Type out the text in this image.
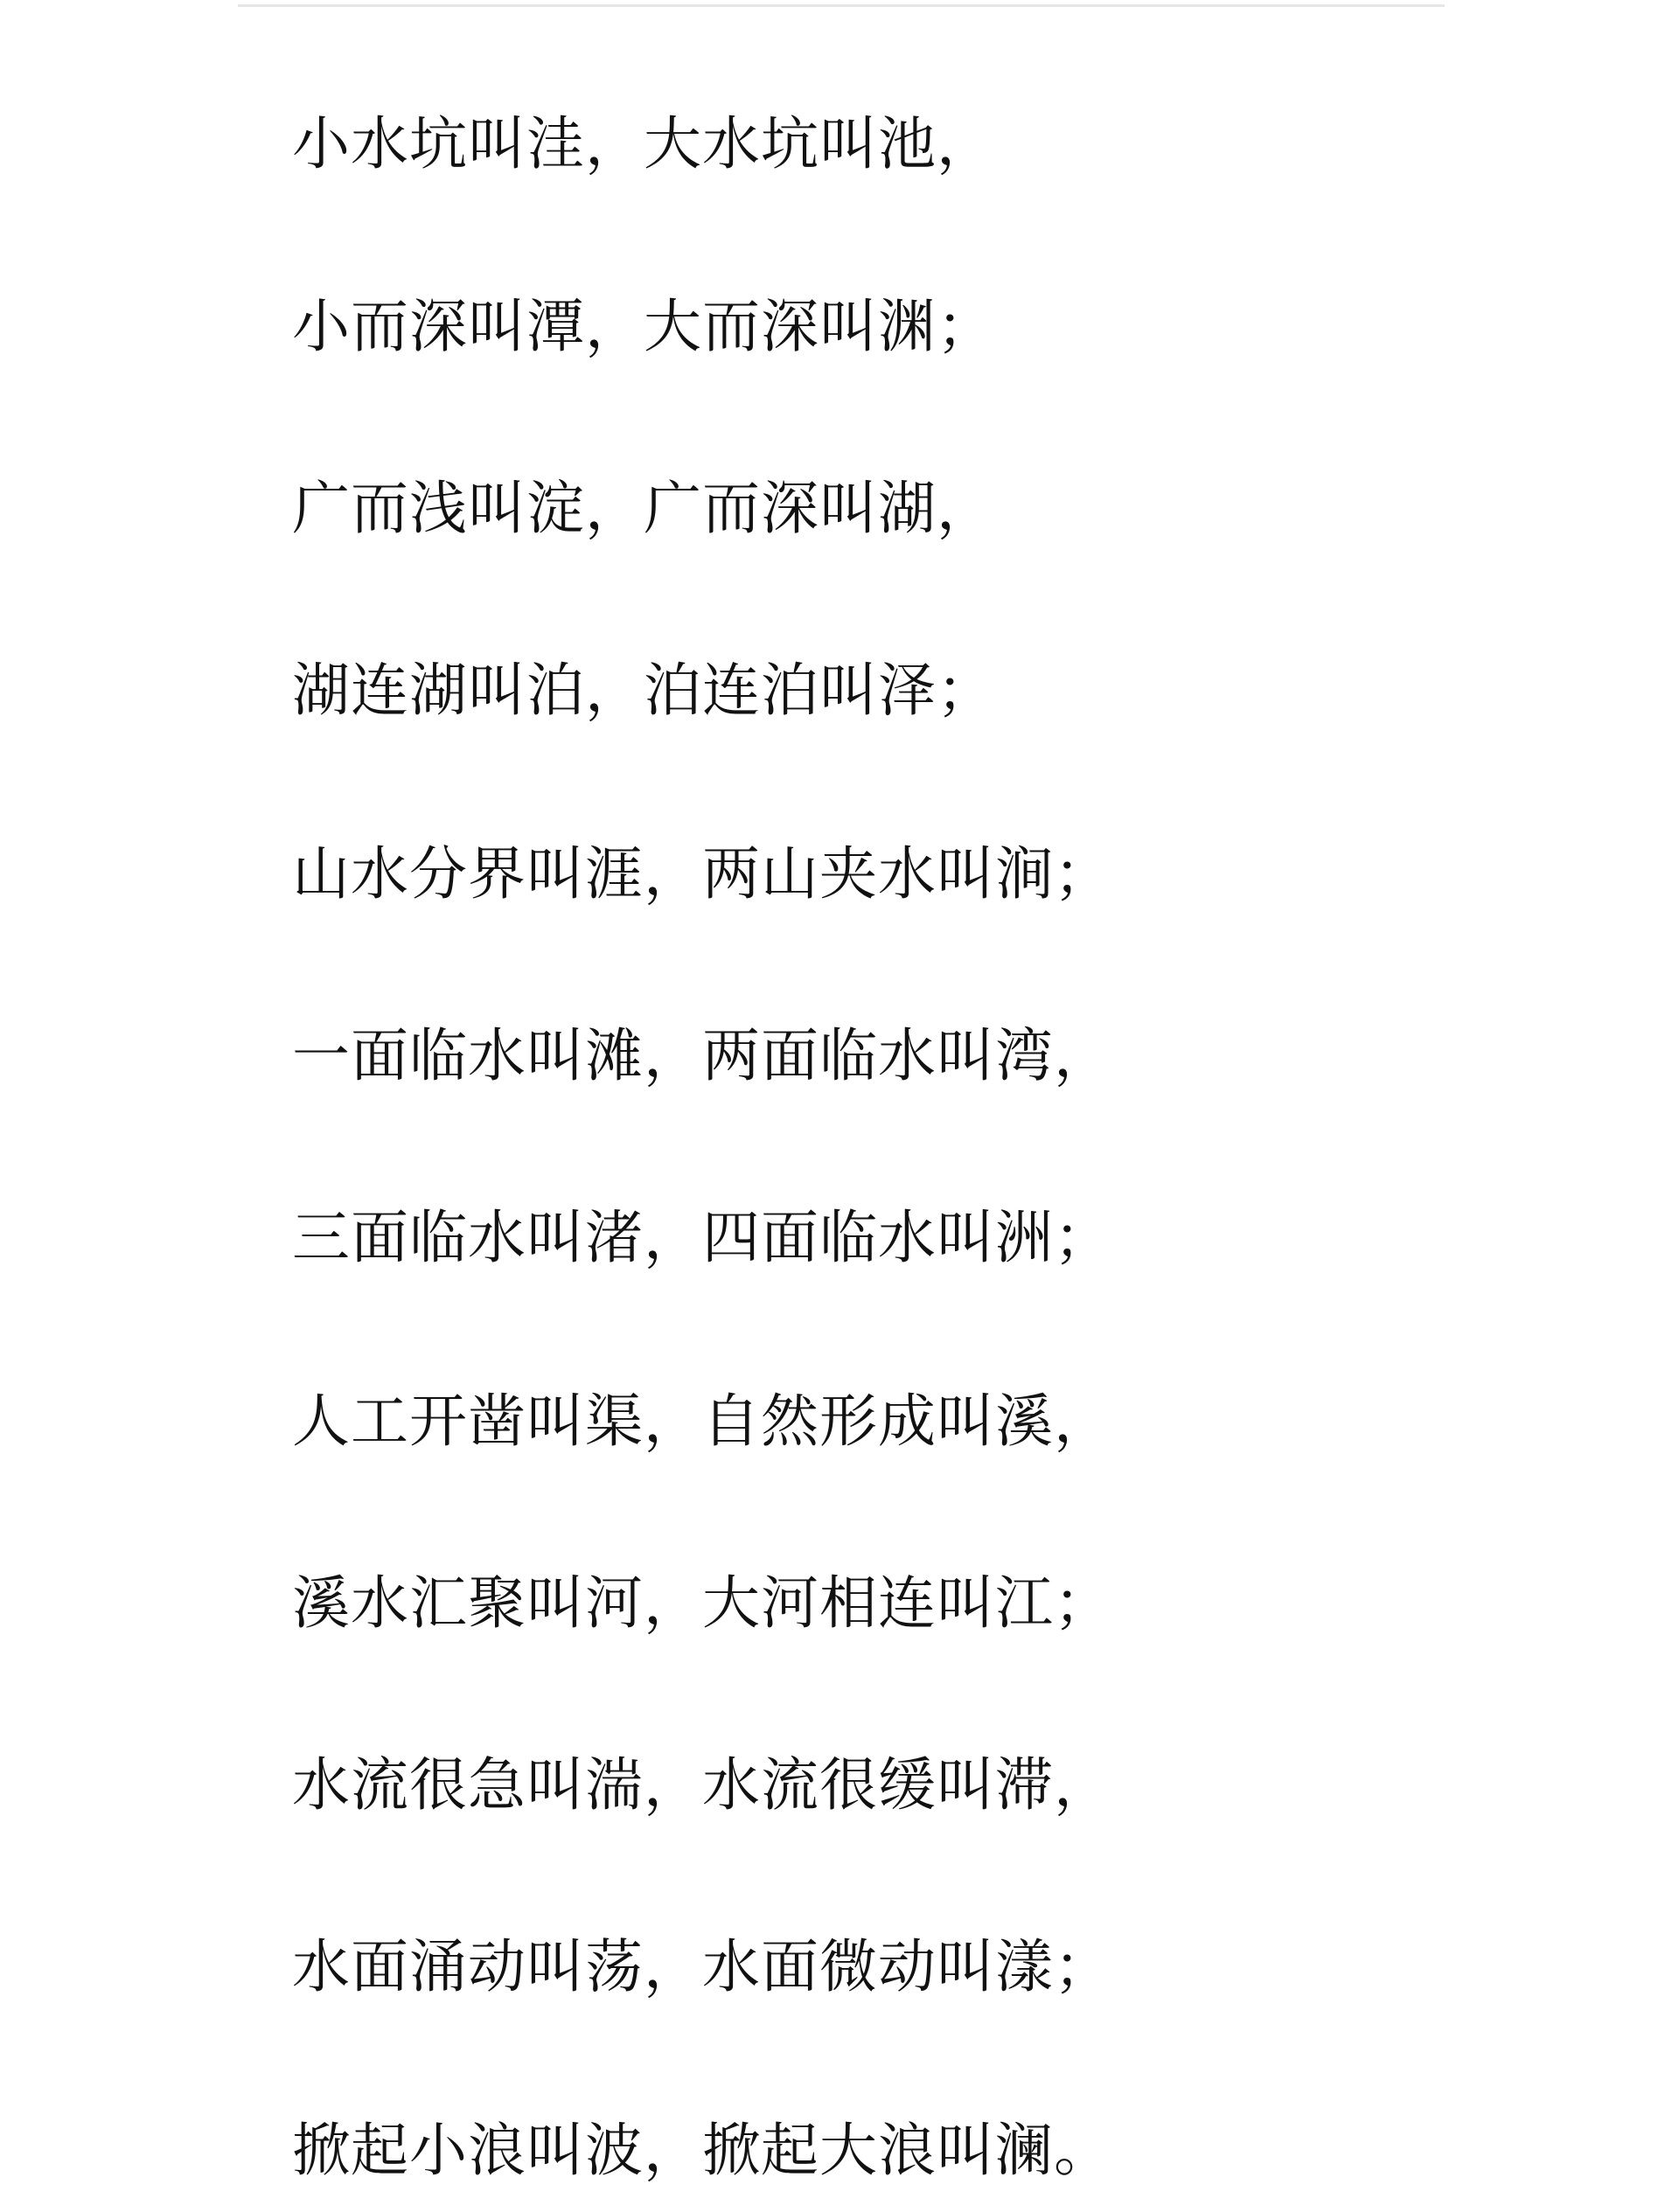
小水坑叫洼，大水坑叫池，
小而深叫潭，大而深叫渊；
广而浅叫淀，广而深叫湖，
湖连湖叫泊，泊连泊叫泽；
山水分界叫涯，两山夹水叫涧；
一面临水叫滩，两面临水叫湾，
三面临水叫渚，四面临水叫洲；
人工开凿叫渠，自然形成叫溪，
溪水汇聚叫河，大河相连叫江；
水流很急叫湍，水流很缓叫滞，
水面涌动叫荡，水面微动叫漾；
掀起小浪叫波，掀起大浪叫澜。
